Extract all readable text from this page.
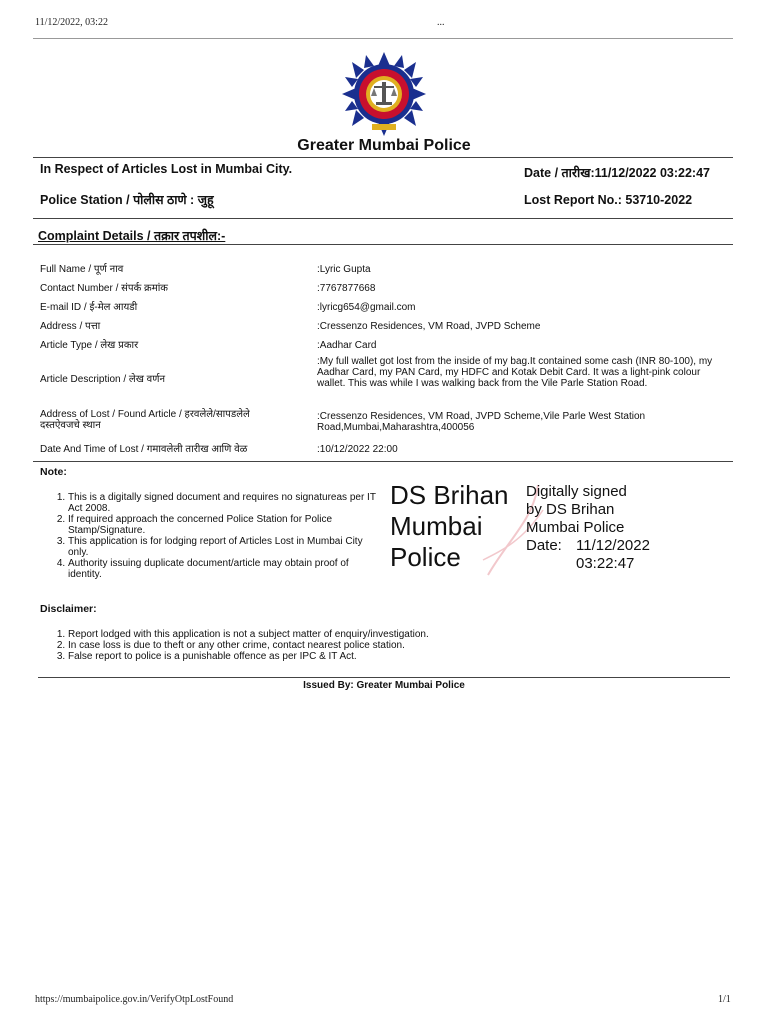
11/12/2022, 03:22	...
Greater Mumbai Police
In Respect of Articles Lost in Mumbai City.	Date / तारीख:11/12/2022 03:22:47
Police Station / पोलीस ठाणे : जुहू	Lost Report No.: 53710-2022
Complaint Details / तक्रार तपशील:-
Full Name / पूर्ण नाव	:Lyric Gupta
Contact Number / संपर्क क्रमांक	:7767877668
E-mail ID / ई-मेल आयडी	:lyricg654@gmail.com
Address / पत्ता	:Cressenzo Residences, VM Road, JVPD Scheme
Article Type / लेख प्रकार	:Aadhar Card
Article Description / लेख वर्णन
:My full wallet got lost from the inside of my bag.It contained some cash (INR 80-100), my Aadhar Card, my PAN Card, my HDFC and Kotak Debit Card. It was a light-pink colour wallet. This was while I was walking back from the Vile Parle Station Road.
Address of Lost / Found Article / हरवलेले/सापडलेले दस्तऐवजचे स्थान
:Cressenzo Residences, VM Road, JVPD Scheme,Vile Parle West Station Road,Mumbai,Maharashtra,400056
Date And Time of Lost / गमावलेली तारीख आणि वेळ	:10/12/2022 22:00
Note:
1. This is a digitally signed document and requires no signatureas per IT Act 2008.
2. If required approach the concerned Police Station for Police Stamp/Signature.
3. This application is for lodging report of Articles Lost in Mumbai City only.
4. Authority issuing duplicate document/article may obtain proof of identity.
DS Brihan
Mumbai
Police
Digitally signed
by DS Brihan
Mumbai Police
Date: 11/12/2022
03:22:47
Disclaimer:
1. Report lodged with this application is not a subject matter of enquiry/investigation.
2. In case loss is due to theft or any other crime, contact nearest police station.
3. False report to police is a punishable offence as per IPC & IT Act.
Issued By: Greater Mumbai Police
https://mumbaipolice.gov.in/VerifyOtpLostFound	1/1
